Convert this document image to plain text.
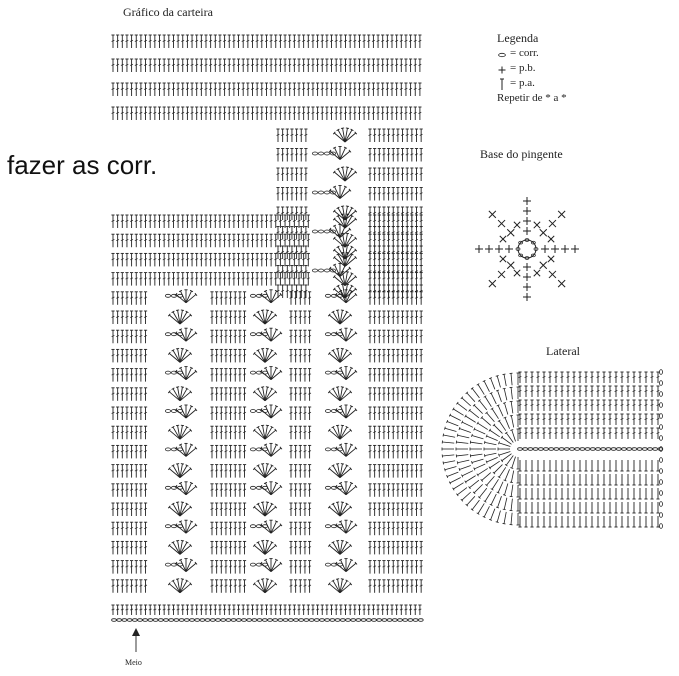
Gráfico da carteira
fazer as corr.
Legenda
= corr.
= p.b.
= p.a.
Repetir de * a *
Base do pingente
Lateral
Meio
